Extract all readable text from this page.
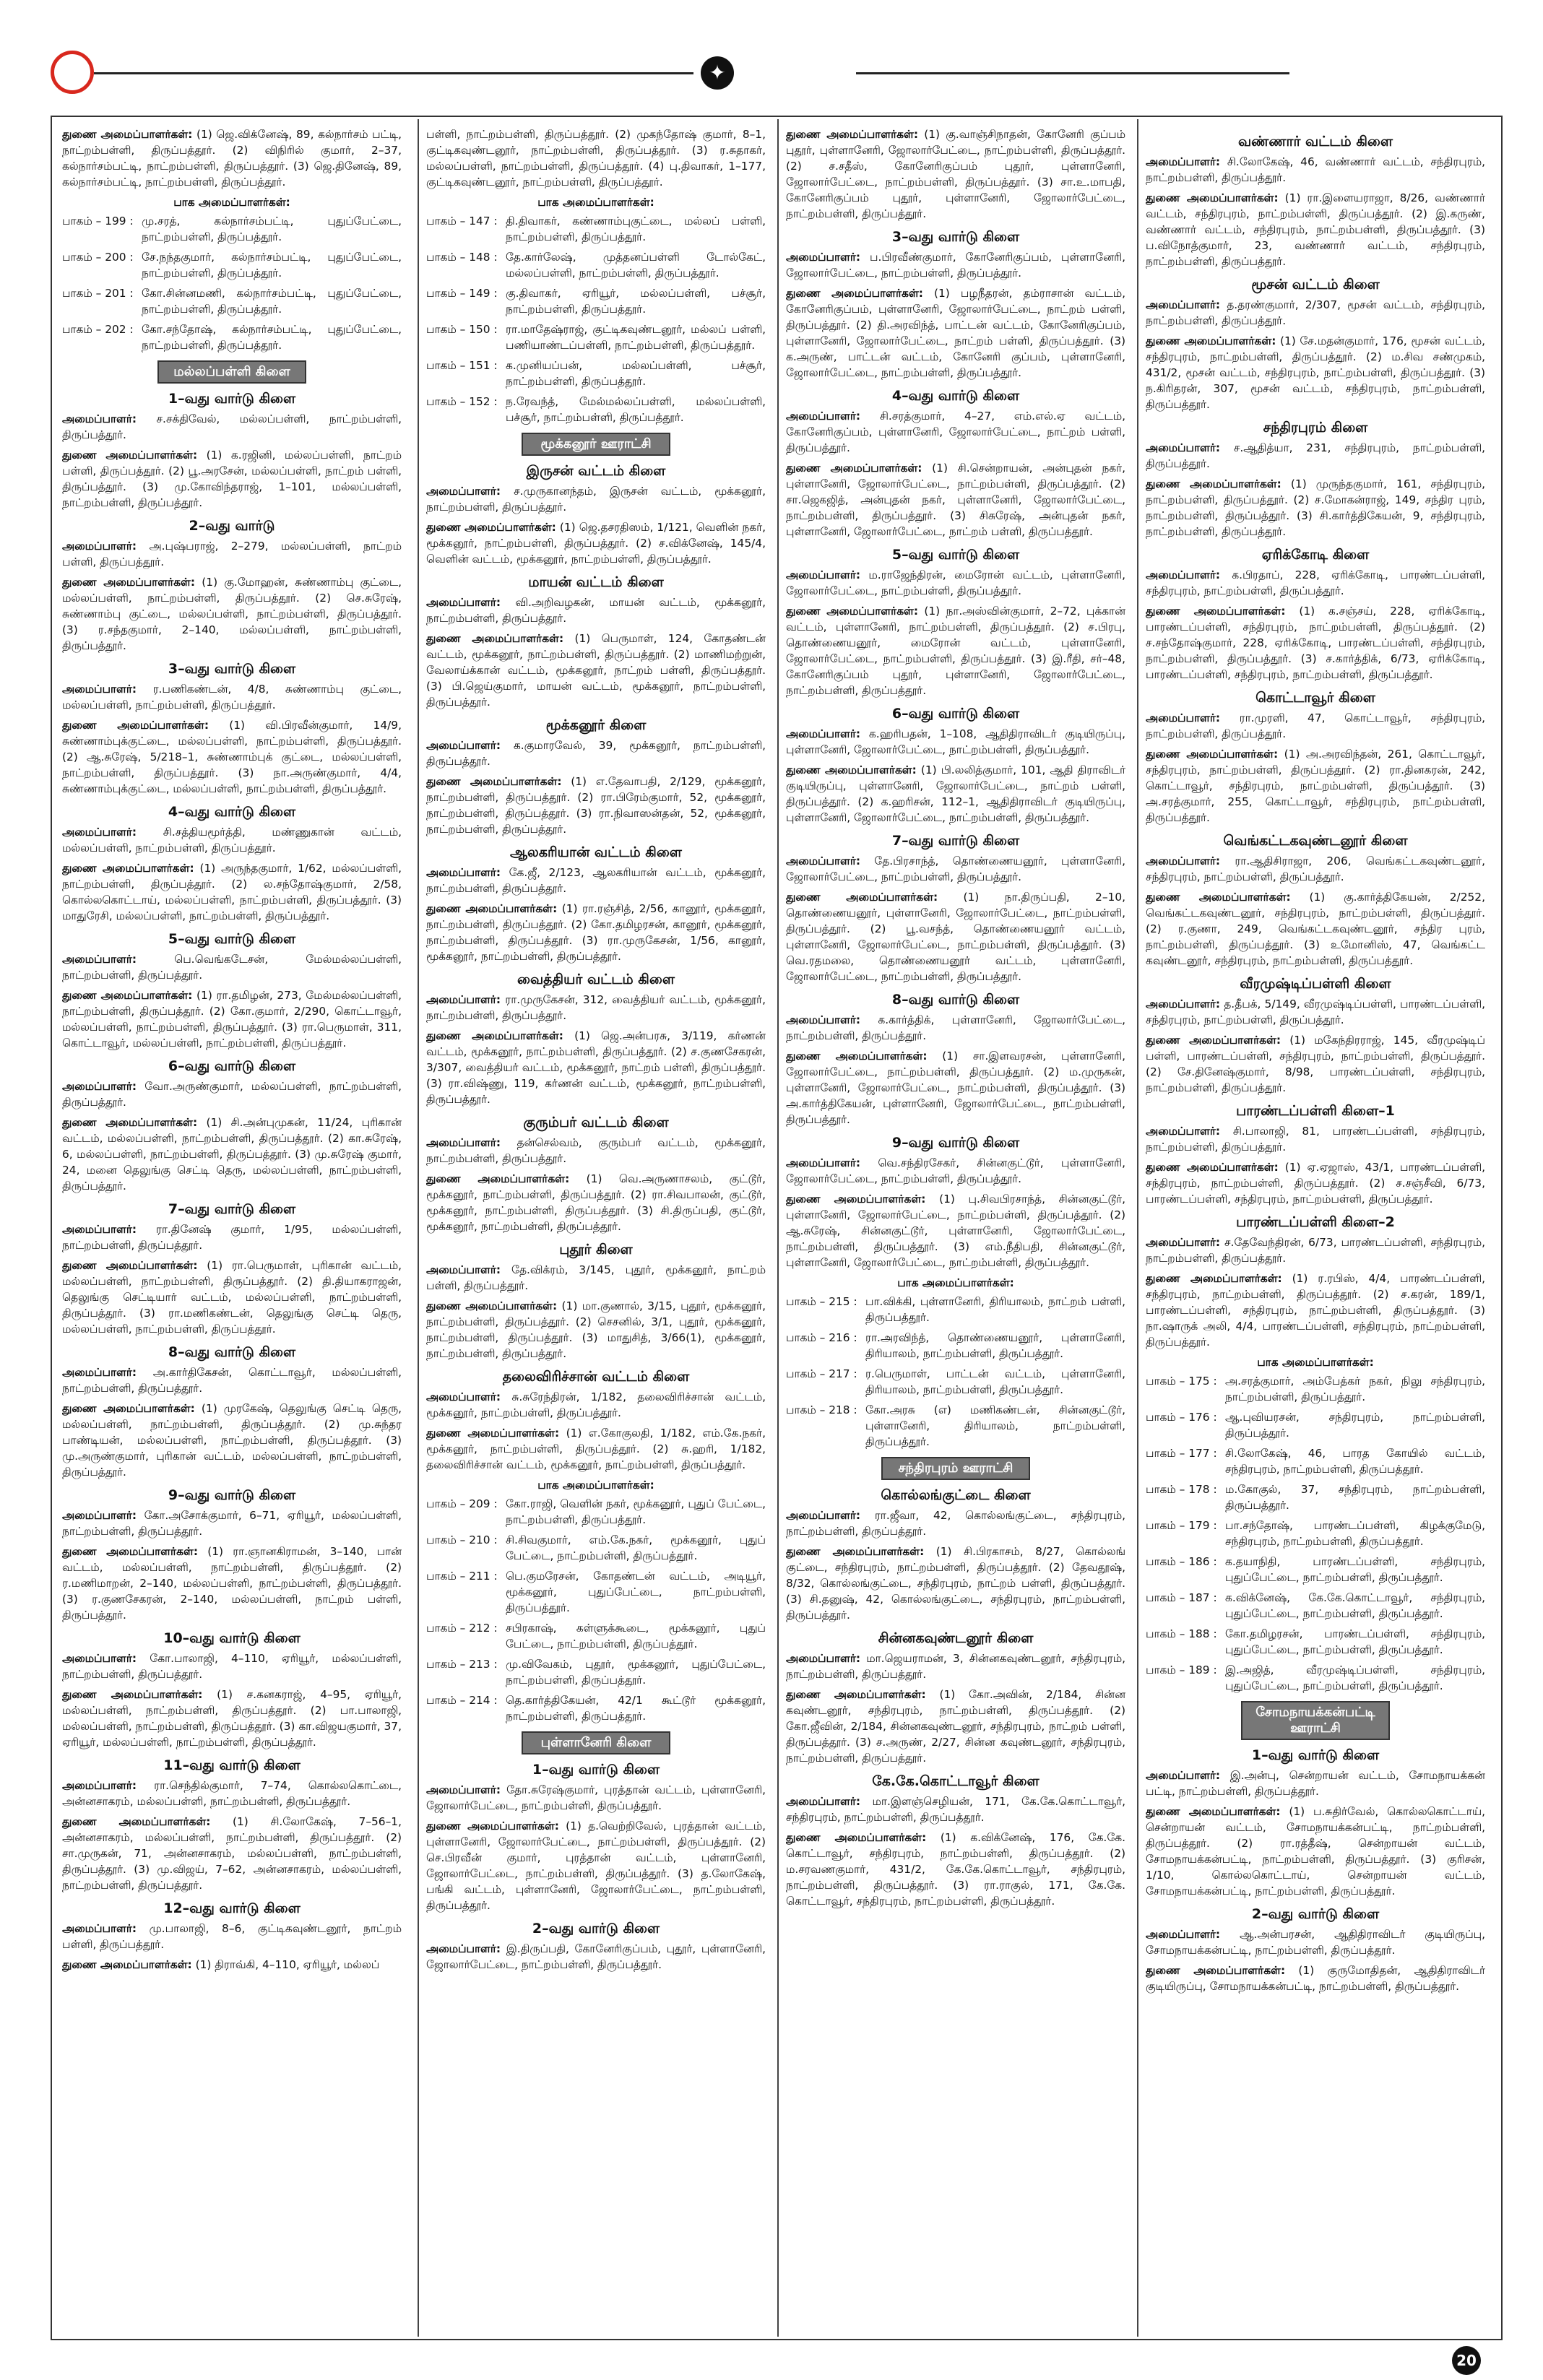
✦
துணை அமைப்பாளர்கள்: (1) ஜெ.விக்னேஷ், 89, கல்நார்சம் பட்டி, நாட்றம்பள்ளி, திருப்பத்தூர். (2) விநிரில் குமார், 2–37, கல்நார்சம்பட்டி, நாட்றம்பள்ளி, திருப்பத்தூர். (3) ஜெ.தினேஷ், 89, கல்நார்சம்பட்டி, நாட்றம்பள்ளி, திருப்பத்தூர்.
பாக அமைப்பாளர்கள்:
பாகம் – 199 : மு.சரத், கல்நார்சம்பட்டி, புதுப்பேட்டை, நாட்றம்பள்ளி, திருப்பத்தூர்.
பாகம் – 200 : சே.நந்தகுமார், கல்நார்சம்பட்டி, புதுப்பேட்டை, நாட்றம்பள்ளி, திருப்பத்தூர்.
பாகம் – 201 : கோ.சின்னமணி, கல்நார்சம்பட்டி, புதுப்பேட்டை, நாட்றம்பள்ளி, திருப்பத்தூர்.
பாகம் – 202 : கோ.சந்தோஷ், கல்நார்சம்பட்டி, புதுப்பேட்டை, நாட்றம்பள்ளி, திருப்பத்தூர்.
மல்லப்பள்ளி கிளை
1–வது வார்டு கிளை
அமைப்பாளர்: ச.சக்திவேல், மல்லப்பள்ளி, நாட்றம்பள்ளி, திருப்பத்தூர்.
துணை அமைப்பாளர்கள்: (1) க.ரஜினி, மல்லப்பள்ளி, நாட்றம் பள்ளி, திருப்பத்தூர். (2) பூ.அரசேன், மல்லப்பள்ளி, நாட்றம் பள்ளி, திருப்பத்தூர். (3) மு.கோவிந்தராஜ், 1–101, மல்லப்பள்ளி, நாட்றம்பள்ளி, திருப்பத்தூர்.
2–வது வார்டு
அமைப்பாளர்: அ.புஷ்பராஜ், 2–279, மல்லப்பள்ளி, நாட்றம் பள்ளி, திருப்பத்தூர்.
துணை அமைப்பாளர்கள்: (1) கு.மோஹன், சுண்ணாம்பு குட்டை, மல்லப்பள்ளி, நாட்றம்பள்ளி, திருப்பத்தூர். (2) செ.சுரேஷ், சுண்ணாம்பு குட்டை, மல்லப்பள்ளி, நாட்றம்பள்ளி, திருப்பத்தூர். (3) ர.சந்தகுமார், 2–140, மல்லப்பள்ளி, நாட்றம்பள்ளி, திருப்பத்தூர்.
3–வது வார்டு கிளை
அமைப்பாளர்: ர.பணிகண்டன், 4/8, சுண்ணாம்பு குட்டை, மல்லப்பள்ளி, நாட்றம்பள்ளி, திருப்பத்தூர்.
துணை அமைப்பாளர்கள்: (1) வி.பிரவீன்குமார், 14/9, சுண்ணாம்புக்குட்டை, மல்லப்பள்ளி, நாட்றம்பள்ளி, திருப்பத்தூர். (2) ஆ.சுரேஷ், 5/218–1, சுண்ணாம்புக் குட்டை, மல்லப்பள்ளி, நாட்றம்பள்ளி, திருப்பத்தூர். (3) நா.அருண்குமார், 4/4, சுண்ணாம்புக்குட்டை, மல்லப்பள்ளி, நாட்றம்பள்ளி, திருப்பத்தூர்.
4–வது வார்டு கிளை
அமைப்பாளர்: சி.சத்தியமூர்த்தி, மண்ணுகான் வட்டம், மல்லப்பள்ளி, நாட்றம்பள்ளி, திருப்பத்தூர்.
துணை அமைப்பாளர்கள்: (1) அருந்தகுமார், 1/62, மல்லப்பள்ளி, நாட்றம்பள்ளி, திருப்பத்தூர். (2) ல.சந்தோஷ்குமார், 2/58, கொல்லகொட்டாய், மல்லப்பள்ளி, நாட்றம்பள்ளி, திருப்பத்தூர். (3) மாதுரேசி, மல்லப்பள்ளி, நாட்றம்பள்ளி, திருப்பத்தூர்.
5–வது வார்டு கிளை
அமைப்பாளர்:	பெ.வெங்கடேசன், மேல்மல்லப்பள்ளி, நாட்றம்பள்ளி, திருப்பத்தூர்.
துணை அமைப்பாளர்கள்: (1) ரா.தமிழன், 273, மேல்மல்லப்பள்ளி, நாட்றம்பள்ளி, திருப்பத்தூர். (2) கோ.குமார், 2/290, கொட்டாவூர், மல்லப்பள்ளி, நாட்றம்பள்ளி, திருப்பத்தூர். (3) ரா.பெருமாள், 311, கொட்டாவூர், மல்லப்பள்ளி, நாட்றம்பள்ளி, திருப்பத்தூர்.
6–வது வார்டு கிளை
அமைப்பாளர்: வோ.அருண்குமார், மல்லப்பள்ளி, நாட்றம்பள்ளி, திருப்பத்தூர்.
துணை அமைப்பாளர்கள்: (1) சி.அன்புமுகன், 11/24, புரிகான் வட்டம், மல்லப்பள்ளி, நாட்றம்பள்ளி, திருப்பத்தூர். (2) கா.சுரேஷ், 6, மல்லப்பள்ளி, நாட்றம்பள்ளி, திருப்பத்தூர். (3) மு.சுரேஷ் குமார், 24, மனை தெலுங்கு செட்டி தெரு, மல்லப்பள்ளி, நாட்றம்பள்ளி, திருப்பத்தூர்.
7–வது வார்டு கிளை
அமைப்பாளர்: ரா.தினேஷ் குமார், 1/95, மல்லப்பள்ளி, நாட்றம்பள்ளி, திருப்பத்தூர்.
துணை அமைப்பாளர்கள்: (1) ரா.பெருமாள், புரிகான் வட்டம், மல்லப்பள்ளி, நாட்றம்பள்ளி, திருப்பத்தூர். (2) தி.தியாகராஜன், தெலுங்கு செட்டியார் வட்டம், மல்லப்பள்ளி, நாட்றம்பள்ளி, திருப்பத்தூர். (3) ரா.மணிகண்டன், தெலுங்கு செட்டி தெரு, மல்லப்பள்ளி, நாட்றம்பள்ளி, திருப்பத்தூர்.
8–வது வார்டு கிளை
அமைப்பாளர்: அ.கார்திகேசன், கொட்டாவூர், மல்லப்பள்ளி, நாட்றம்பள்ளி, திருப்பத்தூர்.
துணை அமைப்பாளர்கள்: (1) முரகேஷ், தெலுங்கு செட்டி தெரு, மல்லப்பள்ளி, நாட்றம்பள்ளி, திருப்பத்தூர். (2) மு.சுந்தர பாண்டியன், மல்லப்பள்ளி, நாட்றம்பள்ளி, திருப்பத்தூர். (3) மு.அருண்குமார், புரிகான் வட்டம், மல்லப்பள்ளி, நாட்றம்பள்ளி, திருப்பத்தூர்.
9–வது வார்டு கிளை
அமைப்பாளர்: கோ.அசோக்குமார், 6–71, ஏரியூர், மல்லப்பள்ளி, நாட்றம்பள்ளி, திருப்பத்தூர்.
துணை அமைப்பாளர்கள்: (1) ரா.ஞானகிராமன், 3–140, பான் வட்டம், மல்லப்பள்ளி, நாட்றம்பள்ளி, திருப்பத்தூர். (2) ர.மணிமாறன், 2–140, மல்லப்பள்ளி, நாட்றம்பள்ளி, திருப்பத்தூர். (3) ர.குணசேகரன், 2–140, மல்லப்பள்ளி, நாட்றம் பள்ளி, திருப்பத்தூர்.
10–வது வார்டு கிளை
அமைப்பாளர்: கோ.பாலாஜி, 4–110, ஏரியூர், மல்லப்பள்ளி, நாட்றம்பள்ளி, திருப்பத்தூர்.
துணை அமைப்பாளர்கள்: (1) ச.கனகராஜ், 4–95, ஏரியூர், மல்லப்பள்ளி, நாட்றம்பள்ளி, திருப்பத்தூர். (2) பா.பாலாஜி, மல்லப்பள்ளி, நாட்றம்பள்ளி, திருப்பத்தூர். (3) கா.விஜயகுமார், 37, ஏரியூர், மல்லப்பள்ளி, நாட்றம்பள்ளி, திருப்பத்தூர்.
11–வது வார்டு கிளை
அமைப்பாளர்: ரா.செந்தில்குமார், 7–74, கொல்லகொட்டை, அன்னசாகரம், மல்லப்பள்ளி, நாட்றம்பள்ளி, திருப்பத்தூர்.
துணை அமைப்பாளர்கள்: (1) சி.லோகேஷ், 7–56–1, அன்னசாகரம், மல்லப்பள்ளி, நாட்றம்பள்ளி, திருப்பத்தூர். (2) சா.முருகன், 71, அன்னசாகரம், மல்லப்பள்ளி, நாட்றம்பள்ளி, திருப்பத்தூர். (3) மு.விஜய், 7–62, அன்னசாகரம், மல்லப்பள்ளி, நாட்றம்பள்ளி, திருப்பத்தூர்.
12–வது வார்டு கிளை
அமைப்பாளர்: மு.பாலாஜி, 8–6, குட்டிகவுண்டனூர், நாட்றம் பள்ளி, திருப்பத்தூர்.
துணை அமைப்பாளர்கள்: (1) திராவ்கி, 4–110, ஏரியூர், மல்லப்
பள்ளி, நாட்றம்பள்ளி, திருப்பத்தூர். (2) முகந்தோஷ் குமார், 8–1, குட்டிகவுண்டனூர், நாட்றம்பள்ளி, திருப்பத்தூர். (3) ர.சுதாகர், மல்லப்பள்ளி, நாட்றம்பள்ளி, திருப்பத்தூர். (4) பு.திவாகர், 1–177, குட்டிகவுண்டனூர், நாட்றம்பள்ளி, திருப்பத்தூர்.
பாக அமைப்பாளர்கள்:
பாகம் – 147 : தி.திவாகர், கண்ணாம்புகுட்டை, மல்லப் பள்ளி, நாட்றம்பள்ளி, திருப்பத்தூர்.
பாகம் – 148 : தே.கார்லேஷ், முத்தனப்பள்ளி டோல்கேட், மல்லப்பள்ளி, நாட்றம்பள்ளி, திருப்பத்தூர்.
பாகம் – 149 : கு.திவாகர், ஏரியூர், மல்லப்பள்ளி, பச்சூர், நாட்றம்பள்ளி, திருப்பத்தூர்.
பாகம் – 150 : ரா.மாதேஷ்ராஜ், குட்டிகவுண்டனூர், மல்லப் பள்ளி, பணியாண்டப்பள்ளி, நாட்றம்பள்ளி, திருப்பத்தூர்.
பாகம் – 151 : க.முனியப்பன், மல்லப்பள்ளி, பச்சூர், நாட்றம்பள்ளி, திருப்பத்தூர்.
பாகம் – 152 : ந.ரேவந்த், மேல்மல்லப்பள்ளி, மல்லப்பள்ளி, பச்சூர், நாட்றம்பள்ளி, திருப்பத்தூர்.
மூக்கனூர் ஊராட்சி
இருசன் வட்டம் கிளை
அமைப்பாளர்: ச.முருகானந்தம், இருசன் வட்டம், மூக்கனூர், நாட்றம்பள்ளி, திருப்பத்தூர்.
துணை அமைப்பாளர்கள்: (1) ஜெ.தசரதிஸம், 1/121, வெளின் நகர், மூக்கனூர், நாட்றம்பள்ளி, திருப்பத்தூர். (2) ச.விக்னேஷ், 145/4, வெளின் வட்டம், மூக்கனூர், நாட்றம்பள்ளி, திருப்பத்தூர்.
மாயன் வட்டம் கிளை
அமைப்பாளர்: வி.அறிவழகன், மாயன் வட்டம், மூக்கனூர், நாட்றம்பள்ளி, திருப்பத்தூர்.
துணை அமைப்பாளர்கள்: (1) பெருமாள், 124, கோதண்டன் வட்டம், மூக்கனூர், நாட்றம்பள்ளி, திருப்பத்தூர். (2) மாணிமற்றுன், வேலாய்க்கான் வட்டம், மூக்கனூர், நாட்றம் பள்ளி, திருப்பத்தூர். (3) பி.ஜெய்குமார், மாயன் வட்டம், மூக்கனூர், நாட்றம்பள்ளி, திருப்பத்தூர்.
மூக்கனூர் கிளை
அமைப்பாளர்: க.குமாரவேல், 39, மூக்கனூர், நாட்றம்பள்ளி, திருப்பத்தூர்.
துணை அமைப்பாளர்கள்: (1) எ.தேவாபதி, 2/129, மூக்கனூர், நாட்றம்பள்ளி, திருப்பத்தூர். (2) ரா.பிரேம்குமார், 52, மூக்கனூர், நாட்றம்பள்ளி, திருப்பத்தூர். (3) ரா.நிவாஸன்தன், 52, மூக்கனூர், நாட்றம்பள்ளி, திருப்பத்தூர்.
ஆலகரியான் வட்டம் கிளை
அமைப்பாளர்: கே.ஜீ, 2/123, ஆலகரியான் வட்டம், மூக்கனூர், நாட்றம்பள்ளி, திருப்பத்தூர்.
துணை அமைப்பாளர்கள்: (1) ரா.ரஞ்சித், 2/56, கானூர், மூக்கனூர், நாட்றம்பள்ளி, திருப்பத்தூர். (2) கோ.தமிழரசன், கானூர், மூக்கனூர், நாட்றம்பள்ளி, திருப்பத்தூர். (3) ரா.முருகேசன், 1/56, கானூர், மூக்கனூர், நாட்றம்பள்ளி, திருப்பத்தூர்.
வைத்தியர் வட்டம் கிளை
அமைப்பாளர்: ரா.முருகேசன், 312, வைத்தியர் வட்டம், மூக்கனூர், நாட்றம்பள்ளி, திருப்பத்தூர்.
துணை அமைப்பாளர்கள்: (1) ஜெ.அன்பரசு, 3/119, கர்ணன் வட்டம், மூக்கனூர், நாட்றம்பள்ளி, திருப்பத்தூர். (2) ச.குணசேகரன், 3/307, வைத்தியர் வட்டம், மூக்கனூர், நாட்றம் பள்ளி, திருப்பத்தூர். (3) ரா.விஷ்ணு, 119, கர்ணன் வட்டம், மூக்கனூர், நாட்றம்பள்ளி, திருப்பத்தூர்.
குரும்பர் வட்டம் கிளை
அமைப்பாளர்: தன்செல்வம், குரும்பர் வட்டம், மூக்கனூர், நாட்றம்பள்ளி, திருப்பத்தூர்.
துணை அமைப்பாளர்கள்: (1) வெ.அருணாசலம், குட்டூர், மூக்கனூர், நாட்றம்பள்ளி, திருப்பத்தூர். (2) ரா.சிவபாலன், குட்டூர், மூக்கனூர், நாட்றம்பள்ளி, திருப்பத்தூர். (3) சி.திருப்பதி, குட்டூர், மூக்கனூர், நாட்றம்பள்ளி, திருப்பத்தூர்.
புதூர் கிளை
அமைப்பாளர்: தே.விக்ரம், 3/145, புதூர், மூக்கனூர், நாட்றம் பள்ளி, திருப்பத்தூர்.
துணை அமைப்பாளர்கள்: (1) மா.குணால், 3/15, புதூர், மூக்கனூர், நாட்றம்பள்ளி, திருப்பத்தூர். (2) செசனில், 3/1, புதூர், மூக்கனூர், நாட்றம்பள்ளி, திருப்பத்தூர். (3) மாதுசித், 3/66(1), மூக்கனூர், நாட்றம்பள்ளி, திருப்பத்தூர்.
தலைவிரிச்சான் வட்டம் கிளை
அமைப்பாளர்: சு.சுரேந்திரன், 1/182, தலைவிரிச்சான் வட்டம், மூக்கனூர், நாட்றம்பள்ளி, திருப்பத்தூர்.
துணை அமைப்பாளர்கள்: (1) எ.கோகுலதி, 1/182, எம்.கே.நகர், மூக்கனூர், நாட்றம்பள்ளி, திருப்பத்தூர். (2) சு.ஹரி, 1/182, தலைவிரிச்சான் வட்டம், மூக்கனூர், நாட்றம்பள்ளி, திருப்பத்தூர்.
பாக அமைப்பாளர்கள்:
பாகம் – 209 : கோ.ராஜி, வெளின் நகர், மூக்கனூர், புதுப் பேட்டை, நாட்றம்பள்ளி, திருப்பத்தூர்.
பாகம் – 210 : சி.சிவகுமார், எம்.கே.நகர், மூக்கனூர், புதுப் பேட்டை, நாட்றம்பள்ளி, திருப்பத்தூர்.
பாகம் – 211 : பெ.குமரேசன், கோதண்டன் வட்டம், அடியூர், மூக்கனூர், புதுப்பேட்டை, நாட்றம்பள்ளி, திருப்பத்தூர்.
பாகம் – 212 : சபிரகாஷ், கள்ளுக்கூடை, மூக்கனூர், புதுப் பேட்டை, நாட்றம்பள்ளி, திருப்பத்தூர்.
பாகம் – 213 : மு.விவேகம், புதூர், மூக்கனூர், புதுப்பேட்டை, நாட்றம்பள்ளி, திருப்பத்தூர்.
பாகம் – 214 : தெ.கார்த்திகேயன், 42/1 கூட்டூர் மூக்கனூர், நாட்றம்பள்ளி, திருப்பத்தூர்.
புள்ளானேரி கிளை
1–வது வார்டு கிளை
அமைப்பாளர்: தோ.சுரேஷ்குமார், புரத்தான் வட்டம், புள்ளானேரி, ஜோலார்பேட்டை, நாட்றம்பள்ளி, திருப்பத்தூர்.
துணை அமைப்பாளர்கள்: (1) த.வெற்றிவேல், புரத்தான் வட்டம், புள்ளானேரி, ஜோலார்பேட்டை, நாட்றம்பள்ளி, திருப்பத்தூர். (2) செ.பிரவீன் குமார், புரத்தான் வட்டம், புள்ளானேரி, ஜோலார்பேட்டை, நாட்றம்பள்ளி, திருப்பத்தூர். (3) த.லோகேஷ், பங்கி வட்டம், புள்ளானேரி, ஜோலார்பேட்டை, நாட்றம்பள்ளி, திருப்பத்தூர்.
2–வது வார்டு கிளை
அமைப்பாளர்: இ.திருப்பதி, கோனேரிகுப்பம், புதூர், புள்ளானேரி, ஜோலார்பேட்டை, நாட்றம்பள்ளி, திருப்பத்தூர்.
துணை அமைப்பாளர்கள்: (1) கு.வாஞ்சிநாதன், கோனேரி குப்பம் புதூர், புள்ளானேரி, ஜோலார்பேட்டை, நாட்றம்பள்ளி, திருப்பத்தூர். (2) ச.சதீஸ், கோனேரிகுப்பம் புதூர், புள்ளானேரி, ஜோலார்பேட்டை, நாட்றம்பள்ளி, திருப்பத்தூர். (3) சா.உ.மாபதி, கோனேரிகுப்பம் புதூர், புள்ளானேரி, ஜோலார்பேட்டை, நாட்றம்பள்ளி, திருப்பத்தூர்.
3–வது வார்டு கிளை
அமைப்பாளர்: ப.பிரவீண்குமார், கோனேரிகுப்பம், புள்ளானேரி, ஜோலார்பேட்டை, நாட்றம்பள்ளி, திருப்பத்தூர்.
துணை அமைப்பாளர்கள்: (1) பழநீதரன், தம்ராசான் வட்டம், கோனேரிகுப்பம், புள்ளானேரி, ஜோலார்பேட்டை, நாட்றம் பள்ளி, திருப்பத்தூர். (2) தி.அரவிந்த், பாட்டன் வட்டம், கோனேரிகுப்பம், புள்ளானேரி, ஜோலார்பேட்டை, நாட்றம் பள்ளி, திருப்பத்தூர். (3) க.அருண், பாட்டன் வட்டம், கோனேரி குப்பம், புள்ளானேரி, ஜோலார்பேட்டை, நாட்றம்பள்ளி, திருப்பத்தூர்.
4–வது வார்டு கிளை
அமைப்பாளர்: சி.சரத்குமார், 4–27, எம்.எல்.ஏ வட்டம், கோனேரிகுப்பம், புள்ளானேரி, ஜோலார்பேட்டை, நாட்றம் பள்ளி, திருப்பத்தூர்.
துணை அமைப்பாளர்கள்: (1) சி.சென்றாயன், அன்புதன் நகர், புள்ளானேரி, ஜோலார்பேட்டை, நாட்றம்பள்ளி, திருப்பத்தூர். (2) சா.ஜெகஜித், அன்புதன் நகர், புள்ளானேரி, ஜோலார்பேட்டை, நாட்றம்பள்ளி, திருப்பத்தூர். (3) சிசுரேஷ், அன்புதன் நகர், புள்ளானேரி, ஜோலார்பேட்டை, நாட்றம் பள்ளி, திருப்பத்தூர்.
5–வது வார்டு கிளை
அமைப்பாளர்: ம.ராஜேந்திரன், மைரோன் வட்டம், புள்ளானேரி, ஜோலார்பேட்டை, நாட்றம்பள்ளி, திருப்பத்தூர்.
துணை அமைப்பாளர்கள்: (1) நா.அஸ்வின்குமார், 2–72, புக்கான் வட்டம், புள்ளானேரி, நாட்றம்பள்ளி, திருப்பத்தூர். (2) ச.பிரபு, தொண்ணையனூர், மைரோன் வட்டம், புள்ளானேரி, ஜோலார்பேட்டை, நாட்றம்பள்ளி, திருப்பத்தூர். (3) இ.ரீதி, சர்–48, கோனேரிகுப்பம் புதூர், புள்ளானேரி, ஜோலார்பேட்டை, நாட்றம்பள்ளி, திருப்பத்தூர்.
6–வது வார்டு கிளை
அமைப்பாளர்: க.ஹரிபதன், 1–108, ஆதிதிராவிடர் குடியிருப்பு, புள்ளானேரி, ஜோலார்பேட்டை, நாட்றம்பள்ளி, திருப்பத்தூர்.
துணை அமைப்பாளர்கள்: (1) பி.லலித்குமார், 101, ஆதி திராவிடர் குடியிருப்பு, புள்ளானேரி, ஜோலார்பேட்டை, நாட்றம் பள்ளி, திருப்பத்தூர். (2) க.ஹரிசன், 112–1, ஆதிதிராவிடர் குடியிருப்பு, புள்ளானேரி, ஜோலார்பேட்டை, நாட்றம்பள்ளி, திருப்பத்தூர்.
7–வது வார்டு கிளை
அமைப்பாளர்: தே.பிரசாந்த், தொண்ணையனூர், புள்ளானேரி, ஜோலார்பேட்டை, நாட்றம்பள்ளி, திருப்பத்தூர்.
துணை அமைப்பாளர்கள்: (1) நா.திருப்பதி, 2–10, தொண்ணையனூர், புள்ளானேரி, ஜோலார்பேட்டை, நாட்றம்பள்ளி, திருப்பத்தூர். (2) பூ.வசந்த், தொண்ணையனூர் வட்டம், புள்ளானேரி, ஜோலார்பேட்டை, நாட்றம்பள்ளி, திருப்பத்தூர். (3) வெ.ரதமலை, தொண்ணையனூர் வட்டம், புள்ளானேரி, ஜோலார்பேட்டை, நாட்றம்பள்ளி, திருப்பத்தூர்.
8–வது வார்டு கிளை
அமைப்பாளர்: க.கார்த்திக், புள்ளானேரி, ஜோலார்பேட்டை, நாட்றம்பள்ளி, திருப்பத்தூர்.
துணை அமைப்பாளர்கள்: (1) சா.இளவரசன், புள்ளானேரி, ஜோலார்பேட்டை, நாட்றம்பள்ளி, திருப்பத்தூர். (2) ம.முருகன், புள்ளானேரி, ஜோலார்பேட்டை, நாட்றம்பள்ளி, திருப்பத்தூர். (3) அ.கார்த்திகேயன், புள்ளானேரி, ஜோலார்பேட்டை, நாட்றம்பள்ளி, திருப்பத்தூர்.
9–வது வார்டு கிளை
அமைப்பாளர்: வெ.சந்திரசேகர், சின்னகுட்டூர், புள்ளானேரி, ஜோலார்பேட்டை, நாட்றம்பள்ளி, திருப்பத்தூர்.
துணை அமைப்பாளர்கள்: (1) பு.சிவபிரசாந்த், சின்னகுட்டூர், புள்ளானேரி, ஜோலார்பேட்டை, நாட்றம்பள்ளி, திருப்பத்தூர். (2) ஆ.சுரேஷ், சின்னகுட்டூர், புள்ளானேரி, ஜோலார்பேட்டை, நாட்றம்பள்ளி, திருப்பத்தூர். (3) எம்.நீதிபதி, சின்னகுட்டூர், புள்ளானேரி, ஜோலார்பேட்டை, நாட்றம்பள்ளி, திருப்பத்தூர்.
பாக அமைப்பாளர்கள்:
பாகம் – 215 : பா.விக்கி, புள்ளானேரி, திரியாலம், நாட்றம் பள்ளி, திருப்பத்தூர்.
பாகம் – 216 : ரா.அரவிந்த், தொண்ணையனூர், புள்ளானேரி, திரியாலம், நாட்றம்பள்ளி, திருப்பத்தூர்.
பாகம் – 217 : ர.பெருமாள், பாட்டன் வட்டம், புள்ளானேரி, திரியாலம், நாட்றம்பள்ளி, திருப்பத்தூர்.
பாகம் – 218 : கோ.அரசு (எ) மணிகண்டன், சின்னகுட்டூர், புள்ளானேரி, திரியாலம், நாட்றம்பள்ளி, திருப்பத்தூர்.
சந்திரபுரம் ஊராட்சி
கொல்லங்குட்டை கிளை
அமைப்பாளர்: ரா.ஜீவா, 42, கொல்லங்குட்டை, சந்திரபுரம், நாட்றம்பள்ளி, திருப்பத்தூர்.
துணை அமைப்பாளர்கள்: (1) சி.பிரகாசம், 8/27, கொல்லங் குட்டை, சந்திரபுரம், நாட்றம்பள்ளி, திருப்பத்தூர். (2) தேவதூஷ், 8/32, கொல்லங்குட்டை, சந்திரபுரம், நாட்றம் பள்ளி, திருப்பத்தூர். (3) சி.தனுஷ், 42, கொல்லங்குட்டை, சந்திரபுரம், நாட்றம்பள்ளி, திருப்பத்தூர்.
சின்னகவுண்டனூர் கிளை
அமைப்பாளர்: மா.ஜெயராமன், 3, சின்னகவுண்டனூர், சந்திரபுரம், நாட்றம்பள்ளி, திருப்பத்தூர்.
துணை அமைப்பாளர்கள்: (1) கோ.அவின், 2/184, சின்ன கவுண்டனூர், சந்திரபுரம், நாட்றம்பள்ளி, திருப்பத்தூர். (2) கோ.ஜீவின், 2/184, சின்னகவுண்டனூர், சந்திரபுரம், நாட்றம் பள்ளி, திருப்பத்தூர். (3) ச.அருண், 2/27, சின்ன கவுண்டனூர், சந்திரபுரம், நாட்றம்பள்ளி, திருப்பத்தூர்.
கே.கே.கொட்டாவூர் கிளை
அமைப்பாளர்: மா.இளஞ்செழியன், 171, கே.கே.கொட்டாவூர், சந்திரபுரம், நாட்றம்பள்ளி, திருப்பத்தூர்.
துணை அமைப்பாளர்கள்: (1) க.விக்னேஷ், 176, கே.கே. கொட்டாவூர், சந்திரபுரம், நாட்றம்பள்ளி, திருப்பத்தூர். (2) ம.சரவணகுமார், 431/2, கே.கே.கொட்டாவூர், சந்திரபுரம், நாட்றம்பள்ளி, திருப்பத்தூர். (3) ரா.ராகுல், 171, கே.கே. கொட்டாவூர், சந்திரபுரம், நாட்றம்பள்ளி, திருப்பத்தூர்.
வண்ணார் வட்டம் கிளை
அமைப்பாளர்: சி.லோகேஷ், 46, வண்ணார் வட்டம், சந்திரபுரம், நாட்றம்பள்ளி, திருப்பத்தூர்.
துணை அமைப்பாளர்கள்: (1) ரா.இளையராஜா, 8/26, வண்ணார் வட்டம், சந்திரபுரம், நாட்றம்பள்ளி, திருப்பத்தூர். (2) இ.கருண், வண்ணார் வட்டம், சந்திரபுரம், நாட்றம்பள்ளி, திருப்பத்தூர். (3) ப.விநோத்குமார், 23, வண்ணார் வட்டம், சந்திரபுரம், நாட்றம்பள்ளி, திருப்பத்தூர்.
மூசன் வட்டம் கிளை
அமைப்பாளர்: த.தரண்குமார், 2/307, மூசன் வட்டம், சந்திரபுரம், நாட்றம்பள்ளி, திருப்பத்தூர்.
துணை அமைப்பாளர்கள்: (1) சே.மதன்குமார், 176, மூசன் வட்டம், சந்திரபுரம், நாட்றம்பள்ளி, திருப்பத்தூர். (2) ம.சிவ சண்முகம், 431/2, மூசன் வட்டம், சந்திரபுரம், நாட்றம்பள்ளி, திருப்பத்தூர். (3) ந.கிரிதரன், 307, மூசன் வட்டம், சந்திரபுரம், நாட்றம்பள்ளி, திருப்பத்தூர்.
சந்திரபுரம் கிளை
அமைப்பாளர்: ச.ஆதித்யா, 231, சந்திரபுரம், நாட்றம்பள்ளி, திருப்பத்தூர்.
துணை அமைப்பாளர்கள்: (1) முருந்தகுமார், 161, சந்திரபுரம், நாட்றம்பள்ளி, திருப்பத்தூர். (2) ச.மோகன்ராஜ், 149, சந்திர புரம், நாட்றம்பள்ளி, திருப்பத்தூர். (3) சி.கார்த்திகேயன், 9, சந்திரபுரம், நாட்றம்பள்ளி, திருப்பத்தூர்.
ஏரிக்கோடி கிளை
அமைப்பாளர்: க.பிரதாப், 228, ஏரிக்கோடி, பாரண்டப்பள்ளி, சந்திரபுரம், நாட்றம்பள்ளி, திருப்பத்தூர்.
துணை அமைப்பாளர்கள்: (1) க.சஞ்சய், 228, ஏரிக்கோடி, பாரண்டப்பள்ளி, சந்திரபுரம், நாட்றம்பள்ளி, திருப்பத்தூர். (2) ச.சந்தோஷ்குமார், 228, ஏரிக்கோடி, பாரண்டப்பள்ளி, சந்திரபுரம், நாட்றம்பள்ளி, திருப்பத்தூர். (3) ச.கார்த்திக், 6/73, ஏரிக்கோடி, பாரண்டப்பள்ளி, சந்திரபுரம், நாட்றம்பள்ளி, திருப்பத்தூர்.
கொட்டாவூர் கிளை
அமைப்பாளர்: ரா.முரளி, 47, கொட்டாவூர், சந்திரபுரம், நாட்றம்பள்ளி, திருப்பத்தூர்.
துணை அமைப்பாளர்கள்: (1) அ.அரவிந்தன், 261, கொட்டாவூர், சந்திரபுரம், நாட்றம்பள்ளி, திருப்பத்தூர். (2) ரா.தினகரன், 242, கொட்டாவூர், சந்திரபுரம், நாட்றம்பள்ளி, திருப்பத்தூர். (3) அ.சரத்குமார், 255, கொட்டாவூர், சந்திரபுரம், நாட்றம்பள்ளி, திருப்பத்தூர்.
வெங்கட்டகவுண்டனூர் கிளை
அமைப்பாளர்: ரா.ஆதிசிராஜா, 206, வெங்கட்டகவுண்டனூர், சந்திரபுரம், நாட்றம்பள்ளி, திருப்பத்தூர்.
துணை அமைப்பாளர்கள்: (1) கு.கார்த்திகேயன், 2/252, வெங்கட்டகவுண்டனூர், சந்திரபுரம், நாட்றம்பள்ளி, திருப்பத்தூர். (2) ர.குணா, 249, வெங்கட்டகவுண்டனூர், சந்திர புரம், நாட்றம்பள்ளி, திருப்பத்தூர். (3) உமோனிஸ், 47, வெங்கட்ட கவுண்டனூர், சந்திரபுரம், நாட்றம்பள்ளி, திருப்பத்தூர்.
வீரமுஷ்டிப்பள்ளி கிளை
அமைப்பாளர்: த.தீபக், 5/149, வீரமுஷ்டிப்பள்ளி, பாரண்டப்பள்ளி, சந்திரபுரம், நாட்றம்பள்ளி, திருப்பத்தூர்.
துணை அமைப்பாளர்கள்: (1) மகேந்திரராஜ், 145, வீரமுஷ்டிப் பள்ளி, பாரண்டப்பள்ளி, சந்திரபுரம், நாட்றம்பள்ளி, திருப்பத்தூர். (2) சே.தினேஷ்குமார், 8/98, பாரண்டப்பள்ளி, சந்திரபுரம், நாட்றம்பள்ளி, திருப்பத்தூர்.
பாரண்டப்பள்ளி கிளை–1
அமைப்பாளர்: சி.பாலாஜி, 81, பாரண்டப்பள்ளி, சந்திரபுரம், நாட்றம்பள்ளி, திருப்பத்தூர்.
துணை அமைப்பாளர்கள்: (1) ஏ.ஏஜாஸ், 43/1, பாரண்டப்பள்ளி, சந்திரபுரம், நாட்றம்பள்ளி, திருப்பத்தூர். (2) ச.சஞ்சீவி, 6/73, பாரண்டப்பள்ளி, சந்திரபுரம், நாட்றம்பள்ளி, திருப்பத்தூர்.
பாரண்டப்பள்ளி கிளை–2
அமைப்பாளர்: ச.தேவேந்திரன், 6/73, பாரண்டப்பள்ளி, சந்திரபுரம், நாட்றம்பள்ளி, திருப்பத்தூர்.
துணை அமைப்பாளர்கள்: (1) ர.ரபிஸ், 4/4, பாரண்டப்பள்ளி, சந்திரபுரம், நாட்றம்பள்ளி, திருப்பத்தூர். (2) ச.கரன், 189/1, பாரண்டப்பள்ளி, சந்திரபுரம், நாட்றம்பள்ளி, திருப்பத்தூர். (3) நா.ஷாருக் அலி, 4/4, பாரண்டப்பள்ளி, சந்திரபுரம், நாட்றம்பள்ளி, திருப்பத்தூர்.
பாக அமைப்பாளர்கள்:
பாகம் – 175 : அ.சரத்குமார், அம்பேத்கர் நகர், நிலு சந்திரபுரம், நாட்றம்பள்ளி, திருப்பத்தூர்.
பாகம் – 176 : ஆ.புவியரசன், சந்திரபுரம், நாட்றம்பள்ளி, திருப்பத்தூர்.
பாகம் – 177 : சி.லோகேஷ், 46, பாரத கோயில் வட்டம், சந்திரபுரம், நாட்றம்பள்ளி, திருப்பத்தூர்.
பாகம் – 178 : ம.கோகுல், 37, சந்திரபுரம், நாட்றம்பள்ளி, திருப்பத்தூர்.
பாகம் – 179 : பா.சந்தோஷ், பாரண்டப்பள்ளி, கிழக்குமேடு, சந்திரபுரம், நாட்றம்பள்ளி, திருப்பத்தூர்.
பாகம் – 186 : க.தயாநிதி, பாரண்டப்பள்ளி, சந்திரபுரம், புதுப்பேட்டை, நாட்றம்பள்ளி, திருப்பத்தூர்.
பாகம் – 187 : க.விக்னேஷ், கே.கே.கொட்டாவூர், சந்திரபுரம், புதுப்பேட்டை, நாட்றம்பள்ளி, திருப்பத்தூர்.
பாகம் – 188 : கோ.தமிழரசன், பாரண்டப்பள்ளி, சந்திரபுரம், புதுப்பேட்டை, நாட்றம்பள்ளி, திருப்பத்தூர்.
பாகம் – 189 : இ.அஜித், வீரமுஷ்டிப்பள்ளி, சந்திரபுரம், புதுப்பேட்டை, நாட்றம்பள்ளி, திருப்பத்தூர்.
சோமநாயக்கன்பட்டி ஊராட்சி
1–வது வார்டு கிளை
அமைப்பாளர்: இ.அன்பு, சென்றாயன் வட்டம், சோமநாயக்கன் பட்டி, நாட்றம்பள்ளி, திருப்பத்தூர்.
துணை அமைப்பாளர்கள்: (1) ப.சுதிர்வேல், கொல்லகொட்டாய், சென்றாயன் வட்டம், சோமநாயக்கன்பட்டி, நாட்றம்பள்ளி, திருப்பத்தூர். (2) ரா.ரத்தீஷ், சென்றாயன் வட்டம், சோமநாயக்கன்பட்டி, நாட்றம்பள்ளி, திருப்பத்தூர். (3) குரிசன், 1/10, கொல்லகொட்டாய், சென்றாயன் வட்டம், சோமநாயக்கன்பட்டி, நாட்றம்பள்ளி, திருப்பத்தூர்.
2–வது வார்டு கிளை
அமைப்பாளர்: ஆ.அன்பரசன், ஆதிதிராவிடர் குடியிருப்பு, சோமநாயக்கன்பட்டி, நாட்றம்பள்ளி, திருப்பத்தூர்.
துணை அமைப்பாளர்கள்: (1) குருமோதிதன், ஆதிதிராவிடர் குடியிருப்பு, சோமநாயக்கன்பட்டி, நாட்றம்பள்ளி, திருப்பத்தூர்.
20
